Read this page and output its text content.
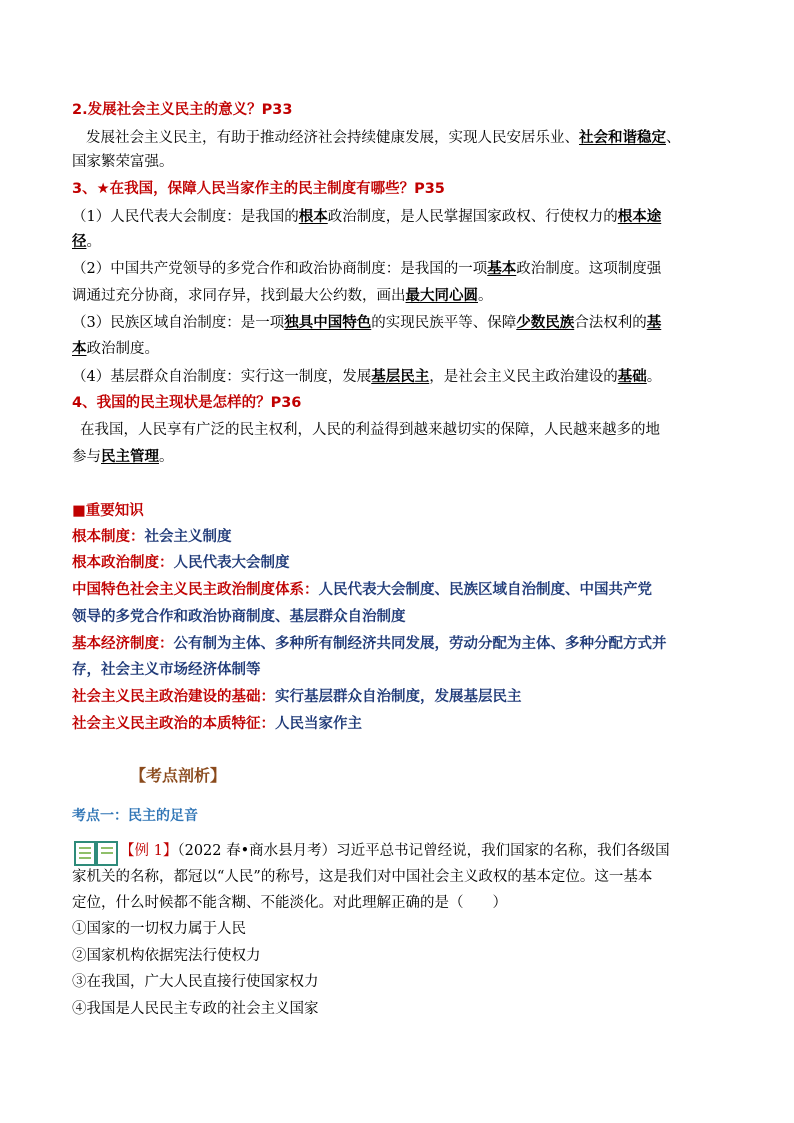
2.发展社会主义民主的意义？P33
发展社会主义民主，有助于推动经济社会持续健康发展，实现人民安居乐业、社会和谐稳定、
国家繁荣富强。
3、★在我国，保障人民当家作主的民主制度有哪些？P35
（1）人民代表大会制度：是我国的根本政治制度，是人民掌握国家政权、行使权力的根本途
径。
（2）中国共产党领导的多党合作和政治协商制度：是我国的一项基本政治制度。这项制度强
调通过充分协商，求同存异，找到最大公约数，画出最大同心圆。
（3）民族区域自治制度：是一项独具中国特色的实现民族平等、保障少数民族合法权利的基
本政治制度。
（4）基层群众自治制度：实行这一制度，发展基层民主，是社会主义民主政治建设的基础。
4、我国的民主现状是怎样的？P36
在我国，人民享有广泛的民主权利，人民的利益得到越来越切实的保障，人民越来越多的地
参与民主管理。
■重要知识
根本制度：社会主义制度
根本政治制度：人民代表大会制度
中国特色社会主义民主政治制度体系：人民代表大会制度、民族区域自治制度、中国共产党
领导的多党合作和政治协商制度、基层群众自治制度
基本经济制度：公有制为主体、多种所有制经济共同发展，劳动分配为主体、多种分配方式并
存，社会主义市场经济体制等
社会主义民主政治建设的基础：实行基层群众自治制度，发展基层民主
社会主义民主政治的本质特征：人民当家作主
【考点剖析】
考点一：民主的足音
【例 1】（2022 春•商水县月考）习近平总书记曾经说，我们国家的名称，我们各级国
家机关的名称，都冠以“人民”的称号，这是我们对中国社会主义政权的基本定位。这一基本
定位，什么时候都不能含糊、不能淡化。对此理解正确的是（　　）
①国家的一切权力属于人民
②国家机构依据宪法行使权力
③在我国，广大人民直接行使国家权力
④我国是人民民主专政的社会主义国家
